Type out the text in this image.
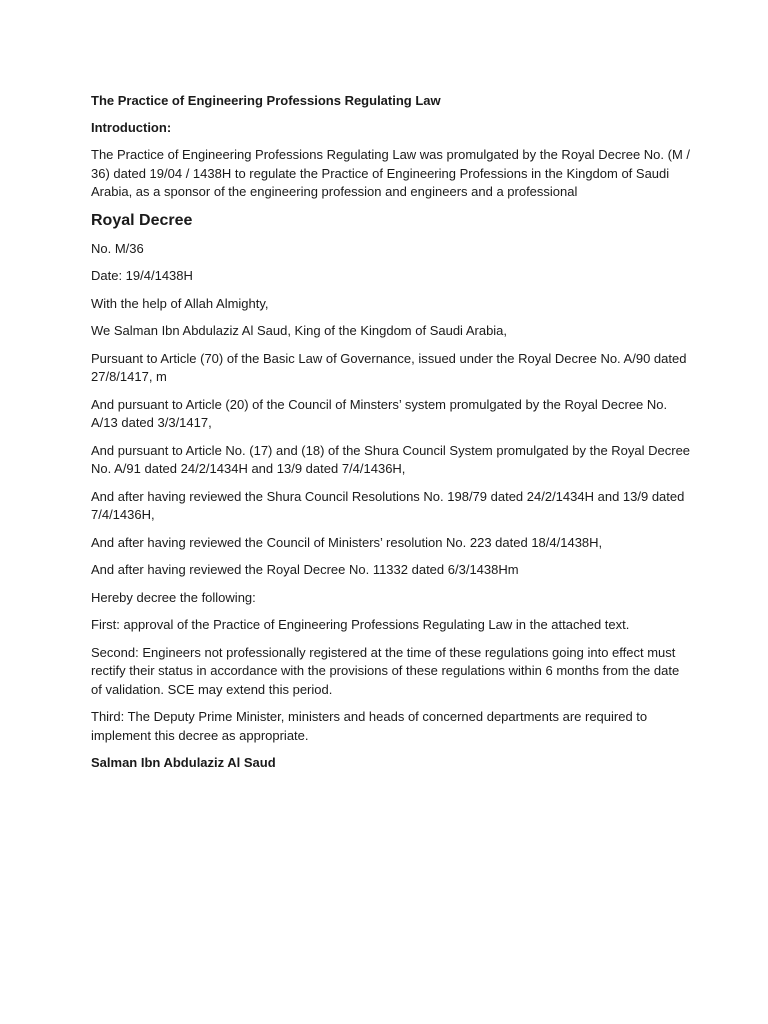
The Practice of Engineering Professions Regulating Law

Introduction:

The Practice of Engineering Professions Regulating Law was promulgated by the Royal Decree No. (M / 36) dated 19/04 / 1438H to regulate the Practice of Engineering Professions in the Kingdom of Saudi Arabia, as a sponsor of the engineering profession and engineers and a professional

Royal Decree

No. M/36

Date: 19/4/1438H

With the help of Allah Almighty,

We Salman Ibn Abdulaziz Al Saud, King of the Kingdom of Saudi Arabia,

Pursuant to Article (70) of the Basic Law of Governance, issued under the Royal Decree No. A/90 dated 27/8/1417, m

And pursuant to Article (20) of the Council of Minsters’ system promulgated by the Royal Decree No. A/13 dated 3/3/1417,

And pursuant to Article No. (17) and (18) of the Shura Council System promulgated by the Royal Decree No. A/91 dated 24/2/1434H and 13/9 dated 7/4/1436H,

And after having reviewed the Shura Council Resolutions No. 198/79 dated 24/2/1434H and 13/9 dated 7/4/1436H,

And after having reviewed the Council of Ministers’ resolution No. 223 dated 18/4/1438H,

And after having reviewed the Royal Decree No. 11332 dated 6/3/1438Hm

Hereby decree the following:

First: approval of the Practice of Engineering Professions Regulating Law in the attached text.

Second: Engineers not professionally registered at the time of these regulations going into effect must rectify their status in accordance with the provisions of these regulations within 6 months from the date of validation. SCE may extend this period.

Third: The Deputy Prime Minister, ministers and heads of concerned departments are required to implement this decree as appropriate.

Salman Ibn Abdulaziz Al Saud
